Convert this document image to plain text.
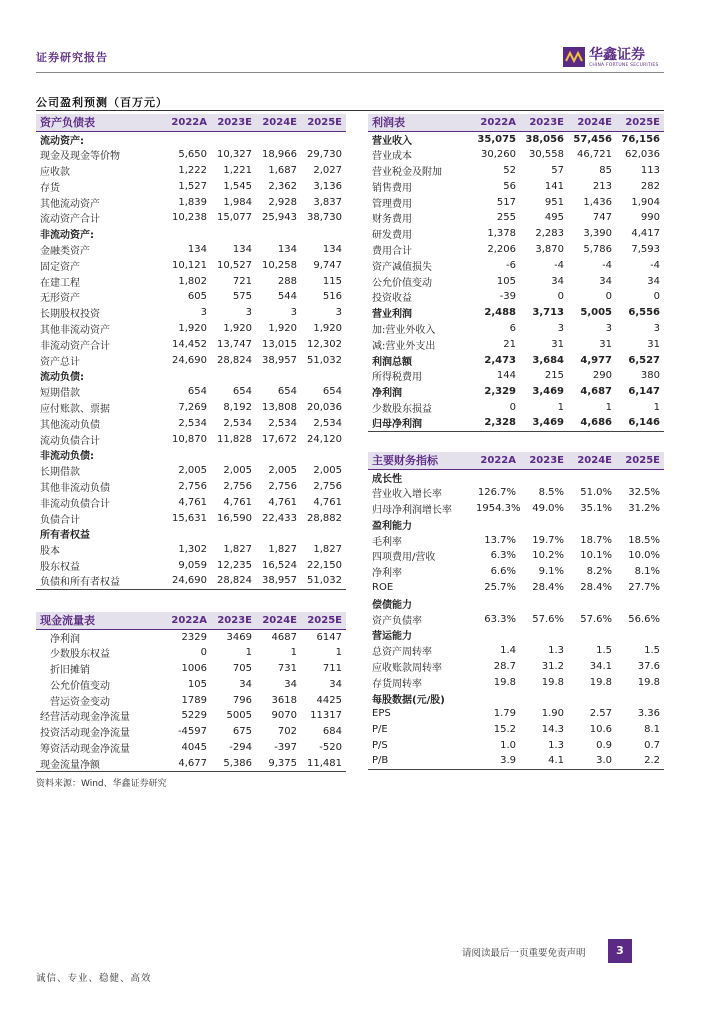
证券研究报告	华鑫证券
CHINA FORTUNE SECURITIES
公司盈利预测（百万元）
资产负债表	2022A	2023E	2024E	2025E
流动资产:				
现金及现金等价物	5,650	10,327	18,966	29,730
应收款	1,222	1,221	1,687	2,027
存货	1,527	1,545	2,362	3,136
其他流动资产	1,839	1,984	2,928	3,837
流动资产合计	10,238	15,077	25,943	38,730
非流动资产:				
金融类资产	134	134	134	134
固定资产	10,121	10,527	10,258	9,747
在建工程	1,802	721	288	115
无形资产	605	575	544	516
长期股权投资	3	3	3	3
其他非流动资产	1,920	1,920	1,920	1,920
非流动资产合计	14,452	13,747	13,015	12,302
资产总计	24,690	28,824	38,957	51,032
流动负债:				
短期借款	654	654	654	654
应付账款、票据	7,269	8,192	13,808	20,036
其他流动负债	2,534	2,534	2,534	2,534
流动负债合计	10,870	11,828	17,672	24,120
非流动负债:				
长期借款	2,005	2,005	2,005	2,005
其他非流动负债	2,756	2,756	2,756	2,756
非流动负债合计	4,761	4,761	4,761	4,761
负债合计	15,631	16,590	22,433	28,882
所有者权益				
股本	1,302	1,827	1,827	1,827
股东权益	9,059	12,235	16,524	22,150
负债和所有者权益	24,690	28,824	38,957	51,032
利润表	2022A	2023E	2024E	2025E
营业收入	35,075	38,056	57,456	76,156
营业成本	30,260	30,558	46,721	62,036
营业税金及附加	52	57	85	113
销售费用	56	141	213	282
管理费用	517	951	1,436	1,904
财务费用	255	495	747	990
研发费用	1,378	2,283	3,390	4,417
费用合计	2,206	3,870	5,786	7,593
资产减值损失	-6	-4	-4	-4
公允价值变动	105	34	34	34
投资收益	-39	0	0	0
营业利润	2,488	3,713	5,005	6,556
加:营业外收入	6	3	3	3
减:营业外支出	21	31	31	31
利润总额	2,473	3,684	4,977	6,527
所得税费用	144	215	290	380
净利润	2,329	3,469	4,687	6,147
少数股东损益	0	1	1	1
归母净利润	2,328	3,469	4,686	6,146
主要财务指标	2022A	2023E	2024E	2025E
成长性				
营业收入增长率	126.7%	8.5%	51.0%	32.5%
归母净利润增长率	1954.3%	49.0%	35.1%	31.2%
盈利能力				
毛利率	13.7%	19.7%	18.7%	18.5%
四项费用/营收	6.3%	10.2%	10.1%	10.0%
净利率	6.6%	9.1%	8.2%	8.1%
ROE	25.7%	28.4%	28.4%	27.7%
偿债能力				
资产负债率	63.3%	57.6%	57.6%	56.6%
营运能力				
总资产周转率	1.4	1.3	1.5	1.5
应收账款周转率	28.7	31.2	34.1	37.6
存货周转率	19.8	19.8	19.8	19.8
每股数据(元/股)				
EPS	1.79	1.90	2.57	3.36
P/E	15.2	14.3	10.6	8.1
P/S	1.0	1.3	0.9	0.7
P/B	3.9	4.1	3.0	2.2
现金流量表	2022A	2023E	2024E	2025E
净利润	2329	3469	4687	6147
少数股东权益	0	1	1	1
折旧摊销	1006	705	731	711
公允价值变动	105	34	34	34
营运资金变动	1789	796	3618	4425
经营活动现金净流量	5229	5005	9070	11317
投资活动现金净流量	-4597	675	702	684
筹资活动现金净流量	4045	-294	-397	-520
现金流量净额	4,677	5,386	9,375	11,481
资料来源：Wind、华鑫证券研究
请阅读最后一页重要免责声明	3
诚信、专业、稳健、高效
